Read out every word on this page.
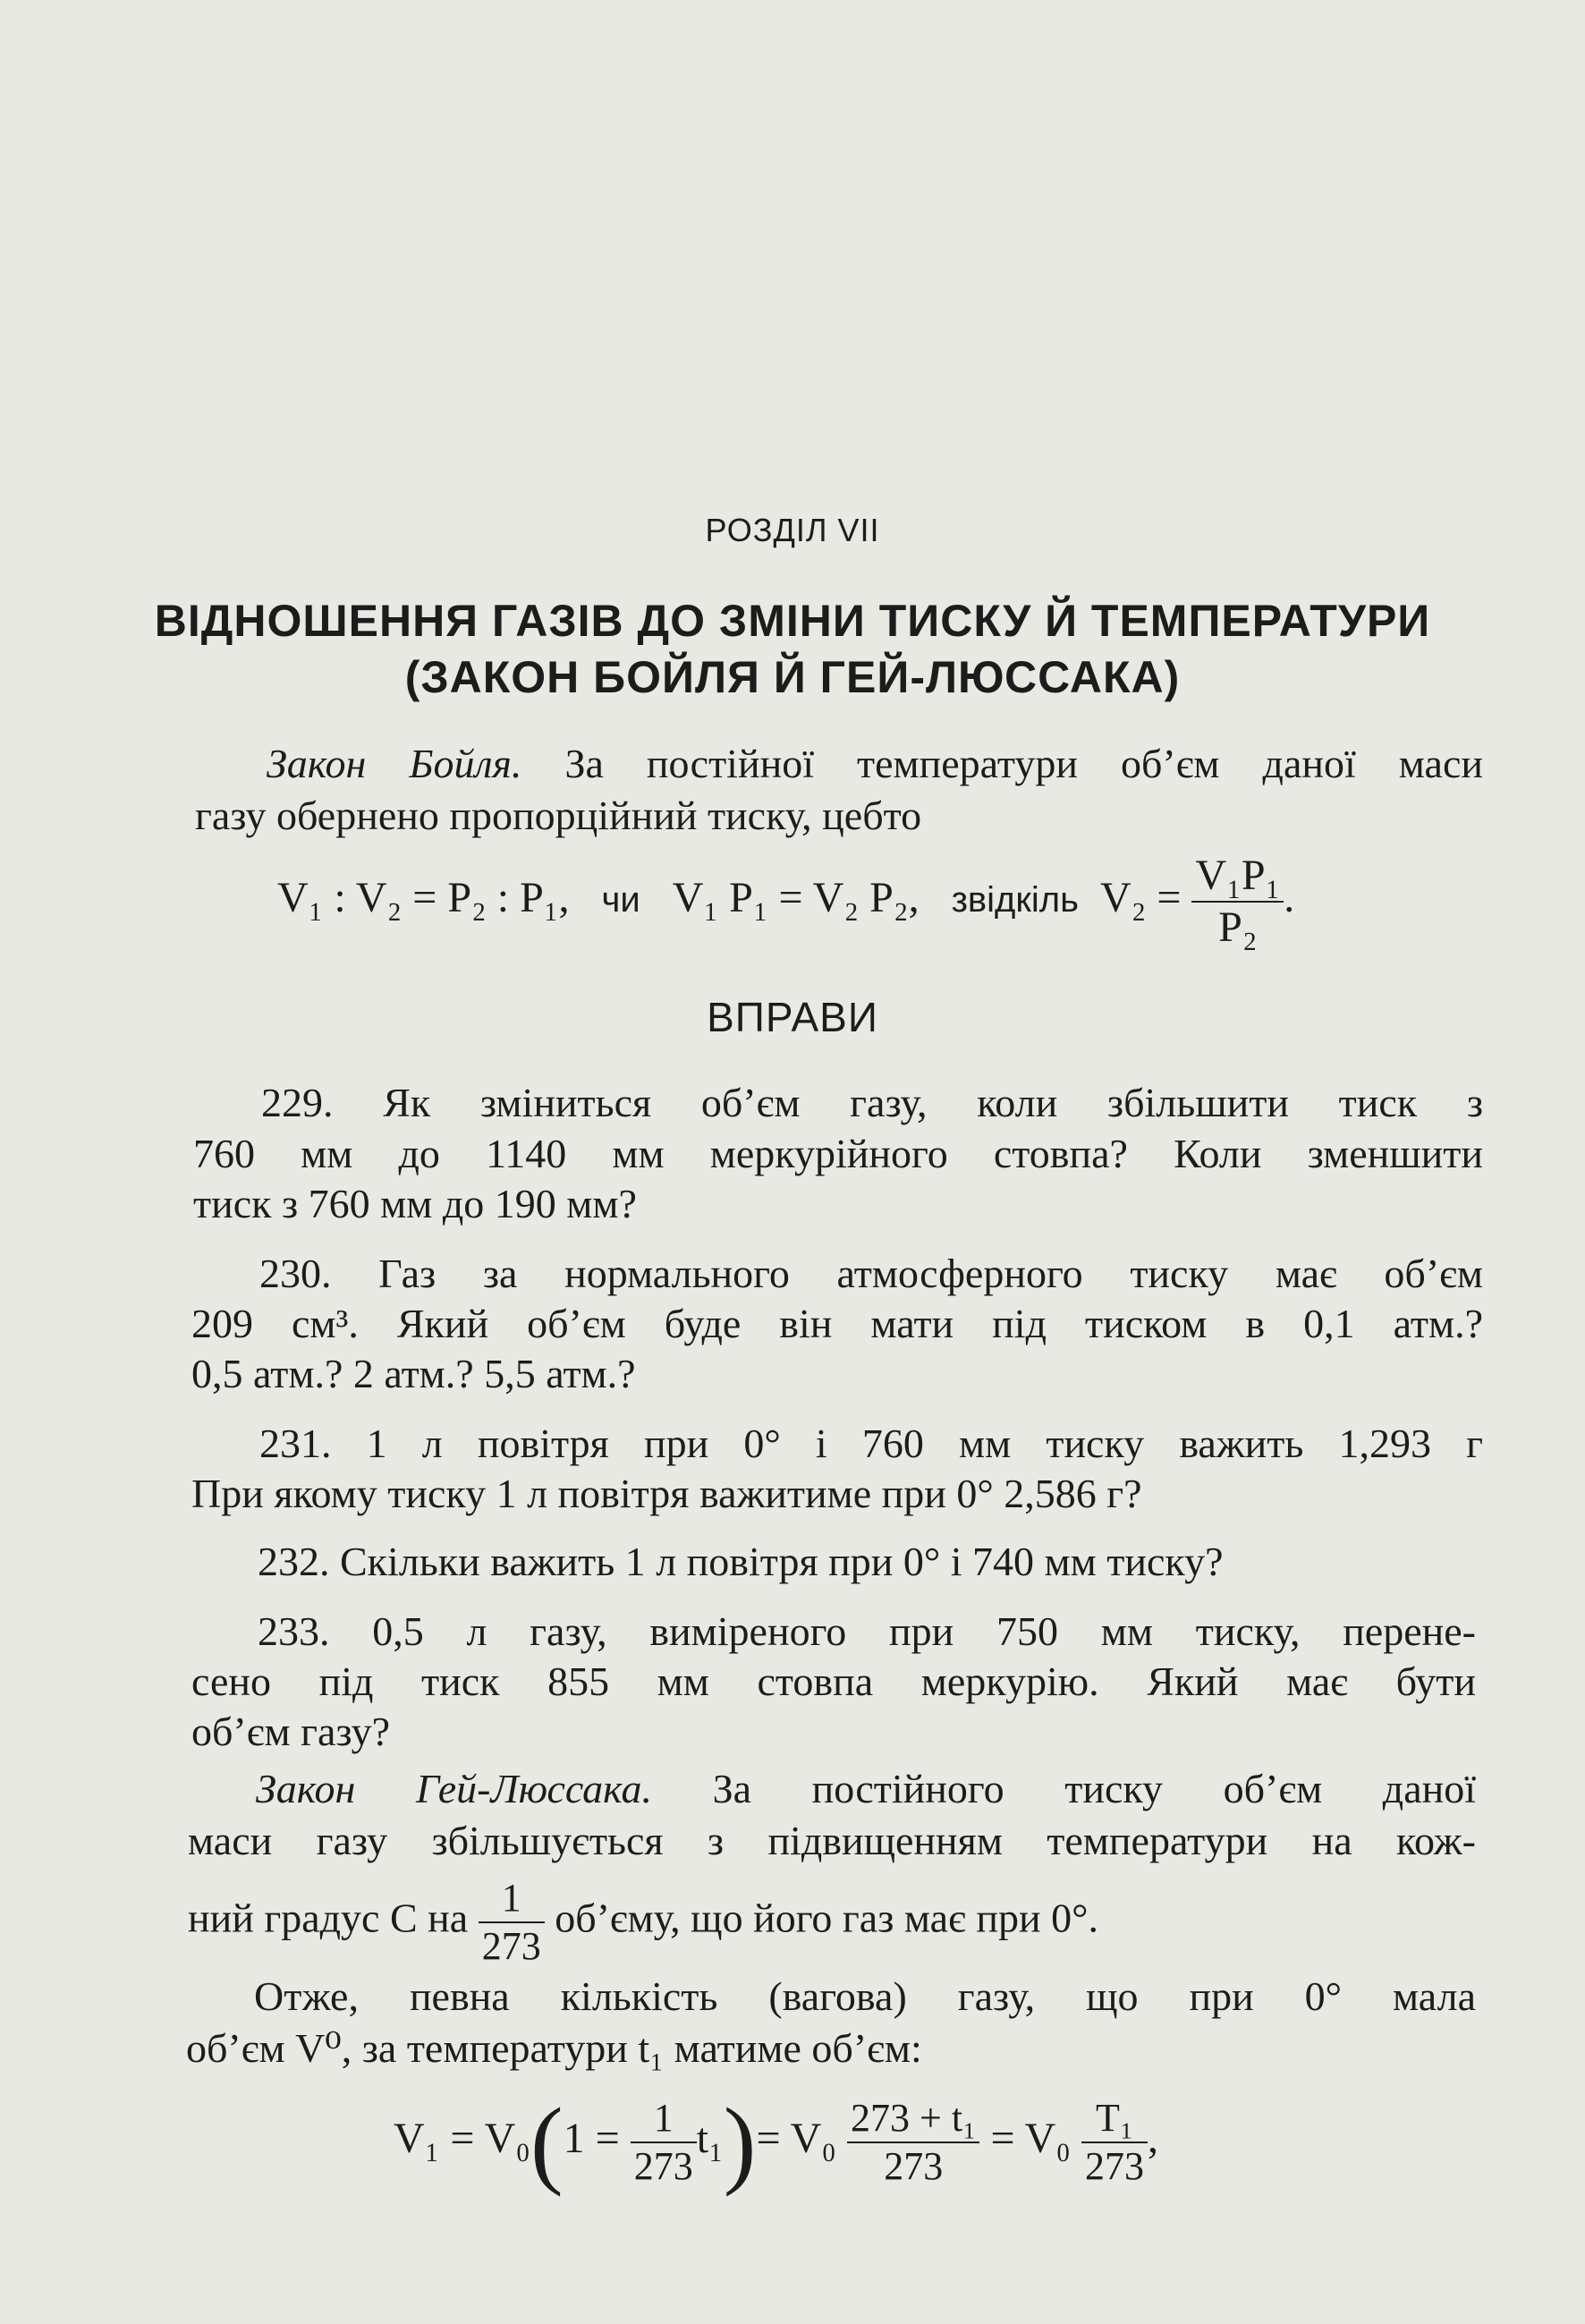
РОЗДІЛ VII
ВІДНОШЕННЯ ГАЗІВ ДО ЗМІНИ ТИСКУ Й ТЕМПЕРАТУРИ
(ЗАКОН БОЙЛЯ Й ГЕЙ-ЛЮССАКА)
Закон Бойля. За постійної температури об’єм даної маси
газу обернено пропорційний тиску, цебто
V₁ : V₂ = P₂ : P₁, чи V₁ P₁ = V₂ P₂, звідкіль $V_2 = \frac{\text{V₁P₁}}{\text{P₂}}$ .
ВПРАВИ
229. Як зміниться об’єм газу, коли збільшити тиск з
760 мм до 1140 мм меркурійного стовпа? Коли зменшити
тиск з 760 мм до 190 мм?
230. Газ за нормального атмосферного тиску має об’єм
209 см³. Який об’єм буде він мати під тиском в 0,1 атм.?
0,5 атм.? 2 атм.? 5,5 атм.?
231. 1 л повітря при 0° і 760 мм тиску важить 1,293 г
При якому тиску 1 л повітря важитиме при 0° 2,586 г?
232. Скільки важить 1 л повітря при 0° і 740 мм тиску?
233. 0,5 л газу, виміреного при 750 мм тиску, перене-
сено під тиск 855 мм стовпа меркурію. Який має бути
об’єм газу?
Закон Гей-Люссака. За постійного тиску об’єм даної
маси газу збільшується з підвищенням температури на кож-
ний градус С на $\frac{1}{273}$ об’єму, що його газ має при 0°.
Отже, певна кількість (вагова) газу, що при 0° мала
об’єм V⁰, за температури t₁ матиме об’єм:
$V_1 = V_0(1 = \frac{1}{273} t_1)= V_0 \frac{\text{273 + t₁}}{273} = V_0 \frac{\text{T₁}}{273}$ ,
